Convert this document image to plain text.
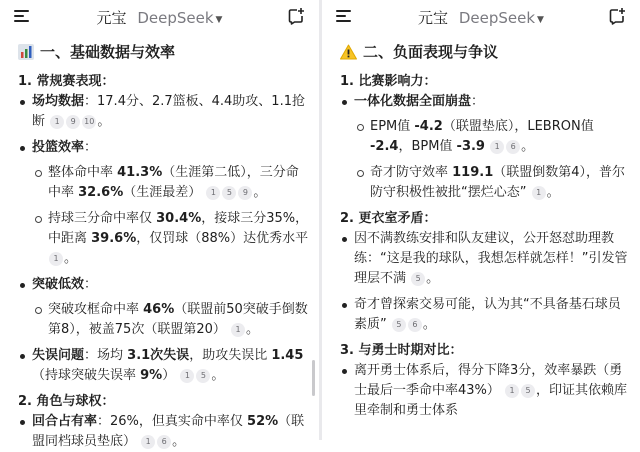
元宝 DeepSeek ▼
一、基础数据与效率

1. 常规赛表现：

场均数据：17.4分、2.7篮板、4.4助攻、1.1抢断 1 9 10 。
投篮效率：
整体命中率 41.3%（生涯第二低），三分命中率 32.6%（生涯最差） 1 5 9 。
持球三分命中率仅 30.4%，接球三分35%，中距离 39.6%，仅罚球（88%）达优秀水平 1 。
突破低效：
突破攻框命中率 46%（联盟前50突破手倒数第8），被盖75次（联盟第20） 1 。
失误问题：场均 3.1次失误，助攻失误比 1.45（持球突破失误率 9%） 1 5 。

2. 角色与球权：

回合占有率：26%，但真实命中率仅 52%（联盟同档球员垫底） 1 6 。
元宝 DeepSeek ▼
二、负面表现与争议

1. 比赛影响力：

一体化数据全面崩盘：
EPM值 -4.2（联盟垫底），LEBRON值 -2.4，BPM值 -3.9 1 6 。
奇才防守效率 119.1（联盟倒数第4），普尔防守积极性被批“摆烂心态” 1 。

2. 更衣室矛盾：

因不满教练安排和队友建议，公开怒怼助理教练：“这是我的球队，我想怎样就怎样！”引发管理层不满 5 。
奇才曾探索交易可能，认为其“不具备基石球员素质” 5 6 。

3. 与勇士时期对比：

离开勇士体系后，得分下降3分，效率暴跌（勇士最后一季命中率43%） 1 5 ，印证其依赖库里牵制和勇士体系
